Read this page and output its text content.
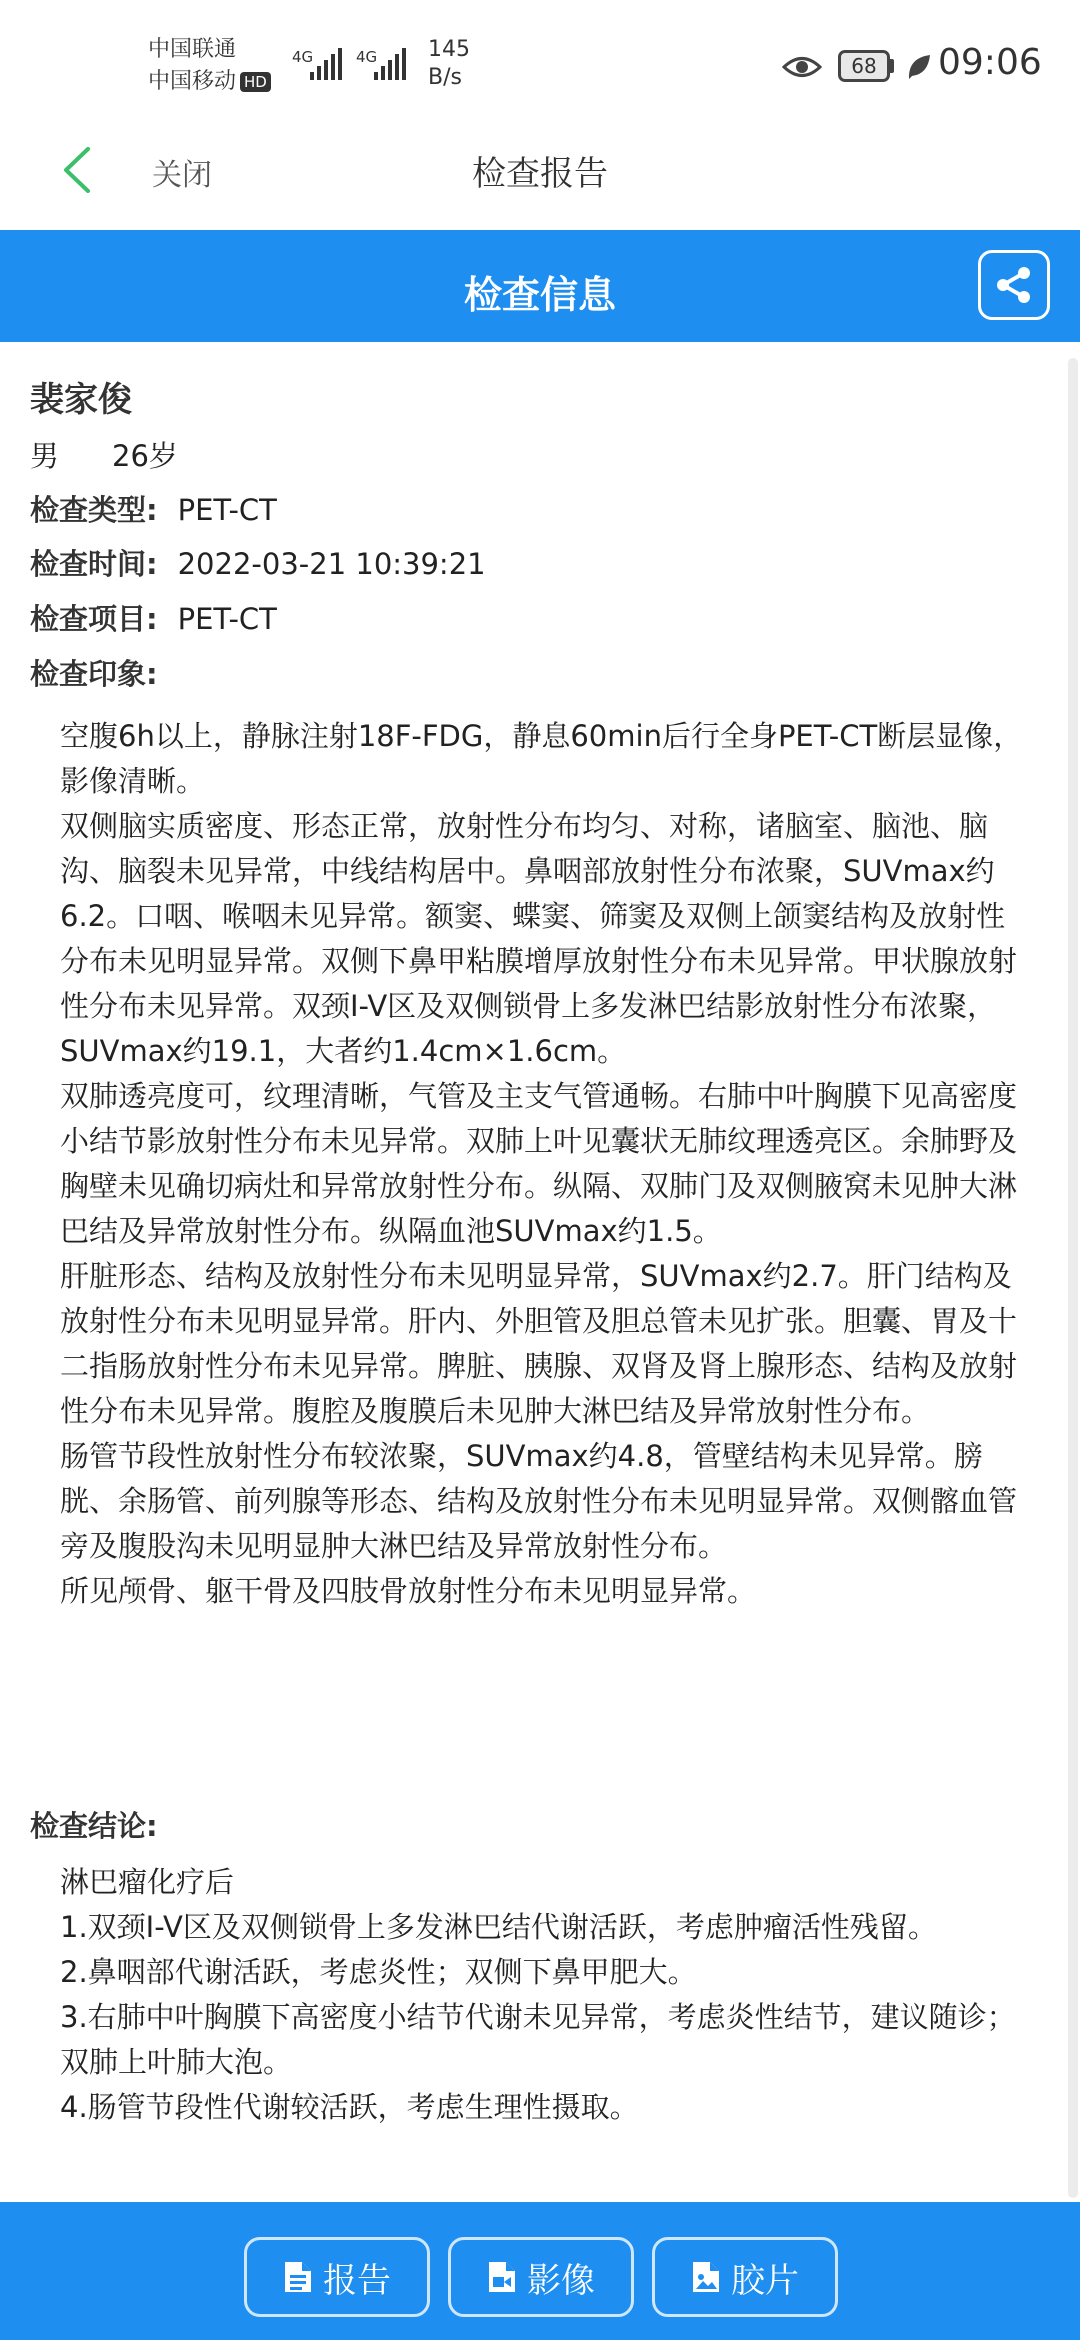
中国联通
中国移动 HD
4G	4G 145
B/s	68	09:06
关闭	检查报告
检查信息
裴家俊
男 26岁
检查类型: PET-CT
检查时间: 2022-03-21 10:39:21
检查项目: PET-CT
检查印象:

空腹6h以上，静脉注射18F-FDG，静息60min后行全身PET-CT断层显像，影像清晰。

双侧脑实质密度、形态正常，放射性分布均匀、对称，诸脑室、脑池、脑沟、脑裂未见异常，中线结构居中。鼻咽部放射性分布浓聚，SUVmax约6.2。口咽、喉咽未见异常。额窦、蝶窦、筛窦及双侧上颌窦结构及放射性分布未见明显异常。双侧下鼻甲粘膜增厚放射性分布未见异常。甲状腺放射性分布未见异常。双颈I-V区及双侧锁骨上多发淋巴结影放射性分布浓聚，SUVmax约19.1，大者约1.4cm×1.6cm。

双肺透亮度可，纹理清晰，气管及主支气管通畅。右肺中叶胸膜下见高密度小结节影放射性分布未见异常。双肺上叶见囊状无肺纹理透亮区。余肺野及胸壁未见确切病灶和异常放射性分布。纵隔、双肺门及双侧腋窝未见肿大淋巴结及异常放射性分布。纵隔血池SUVmax约1.5。

肝脏形态、结构及放射性分布未见明显异常，SUVmax约2.7。肝门结构及放射性分布未见明显异常。肝内、外胆管及胆总管未见扩张。胆囊、胃及十二指肠放射性分布未见异常。脾脏、胰腺、双肾及肾上腺形态、结构及放射性分布未见异常。腹腔及腹膜后未见肿大淋巴结及异常放射性分布。

肠管节段性放射性分布较浓聚，SUVmax约4.8，管壁结构未见异常。膀胱、余肠管、前列腺等形态、结构及放射性分布未见明显异常。双侧髂血管旁及腹股沟未见明显肿大淋巴结及异常放射性分布。

所见颅骨、躯干骨及四肢骨放射性分布未见明显异常。

检查结论:

淋巴瘤化疗后

1.双颈I-V区及双侧锁骨上多发淋巴结代谢活跃，考虑肿瘤活性残留。

2.鼻咽部代谢活跃，考虑炎性；双侧下鼻甲肥大。

3.右肺中叶胸膜下高密度小结节代谢未见异常，考虑炎性结节，建议随诊；双肺上叶肺大泡。

4.肠管节段性代谢较活跃，考虑生理性摄取。

报告	影像	胶片
